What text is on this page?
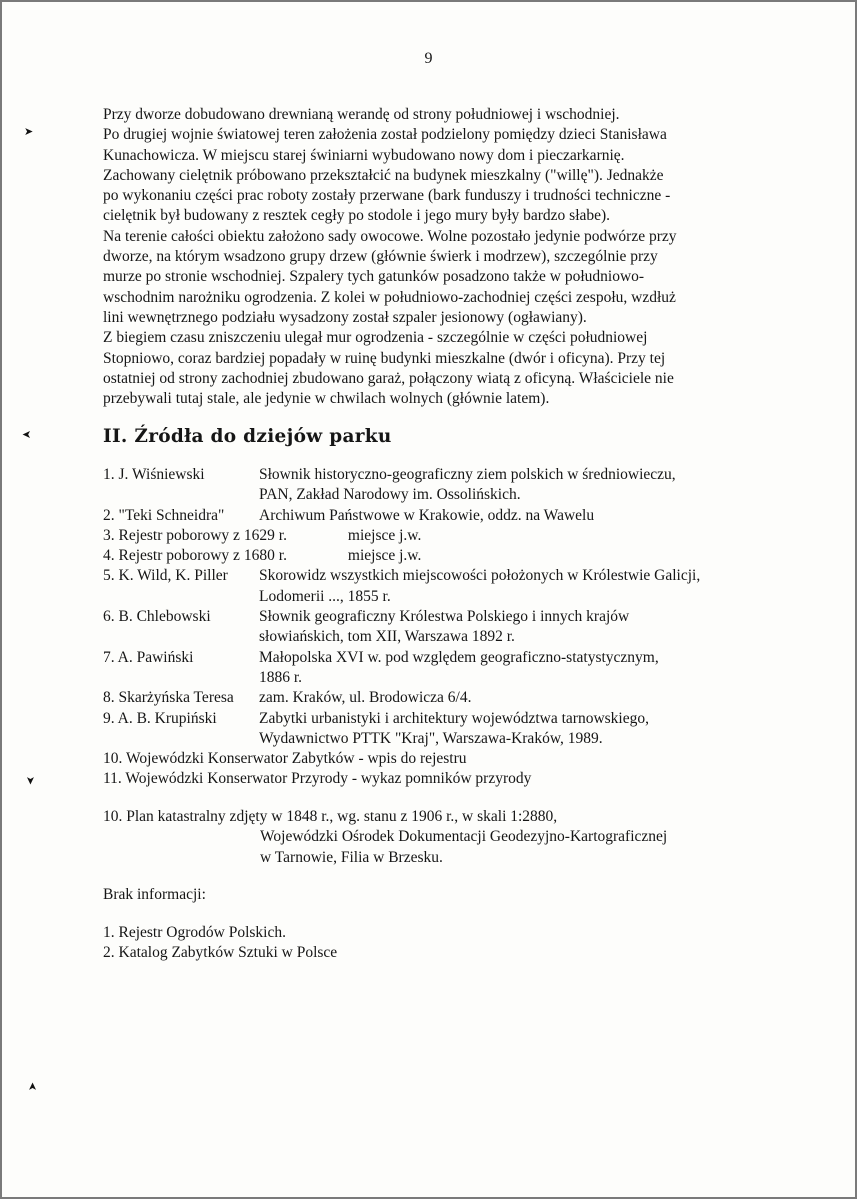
9
Przy dworze dobudowano drewnianą werandę od strony południowej i wschodniej.
Po drugiej wojnie światowej teren założenia został podzielony pomiędzy dzieci Stanisława
Kunachowicza. W miejscu starej świniarni wybudowano nowy dom i pieczarkarnię.
Zachowany cielętnik próbowano przekształcić na budynek mieszkalny ("willę"). Jednakże
po wykonaniu części prac roboty zostały przerwane (bark funduszy i trudności techniczne -
cielętnik był budowany z resztek cegły po stodole i jego mury były bardzo słabe).
Na terenie całości obiektu założono sady owocowe. Wolne pozostało jedynie podwórze przy
dworze, na którym wsadzono grupy drzew (głównie świerk i modrzew), szczególnie przy
murze po stronie wschodniej. Szpalery tych gatunków posadzono także w południowo-
wschodnim narożniku ogrodzenia. Z kolei w południowo-zachodniej części zespołu, wzdłuż
lini wewnętrznego podziału wysadzony został szpaler jesionowy (ogławiany).
Z biegiem czasu zniszczeniu ulegał mur ogrodzenia - szczególnie w części południowej
Stopniowo, coraz bardziej popadały w ruinę budynki mieszkalne (dwór i oficyna). Przy tej
ostatniej od strony zachodniej zbudowano garaż, połączony wiatą z oficyną. Właściciele nie
przebywali tutaj stale, ale jedynie w chwilach wolnych (głównie latem).
II. Źródła do dziejów parku
1. J. Wiśniewski	Słownik historyczno-geograficzny ziem polskich w średniowieczu,
PAN, Zakład Narodowy im. Ossolińskich.
2. "Teki Schneidra"	Archiwum Państwowe w Krakowie, oddz. na Wawelu
3. Rejestr poborowy z 1629 r.	miejsce j.w.
4. Rejestr poborowy z 1680 r.	miejsce j.w.
5. K. Wild, K. Piller	Skorowidz wszystkich miejscowości położonych w Królestwie Galicji,
Lodomerii ..., 1855 r.
6. B. Chlebowski	Słownik geograficzny Królestwa Polskiego i innych krajów
słowiańskich, tom XII, Warszawa 1892 r.
7. A. Pawiński	Małopolska XVI w. pod względem geograficzno-statystycznym,
1886 r.
8. Skarżyńska Teresa	zam. Kraków, ul. Brodowicza 6/4.
9. A. B. Krupiński	Zabytki urbanistyki i architektury województwa tarnowskiego,
Wydawnictwo PTTK "Kraj", Warszawa-Kraków, 1989.
10. Wojewódzki Konserwator Zabytków - wpis do rejestru
11. Wojewódzki Konserwator Przyrody - wykaz pomników przyrody
10. Plan katastralny zdjęty w 1848 r., wg. stanu z 1906 r., w skali 1:2880,
Wojewódzki Ośrodek Dokumentacji Geodezyjno-Kartograficznej
w Tarnowie, Filia w Brzesku.
Brak informacji:
1. Rejestr Ogrodów Polskich.
2. Katalog Zabytków Sztuki w Polsce
➤
➤
➤
➤
